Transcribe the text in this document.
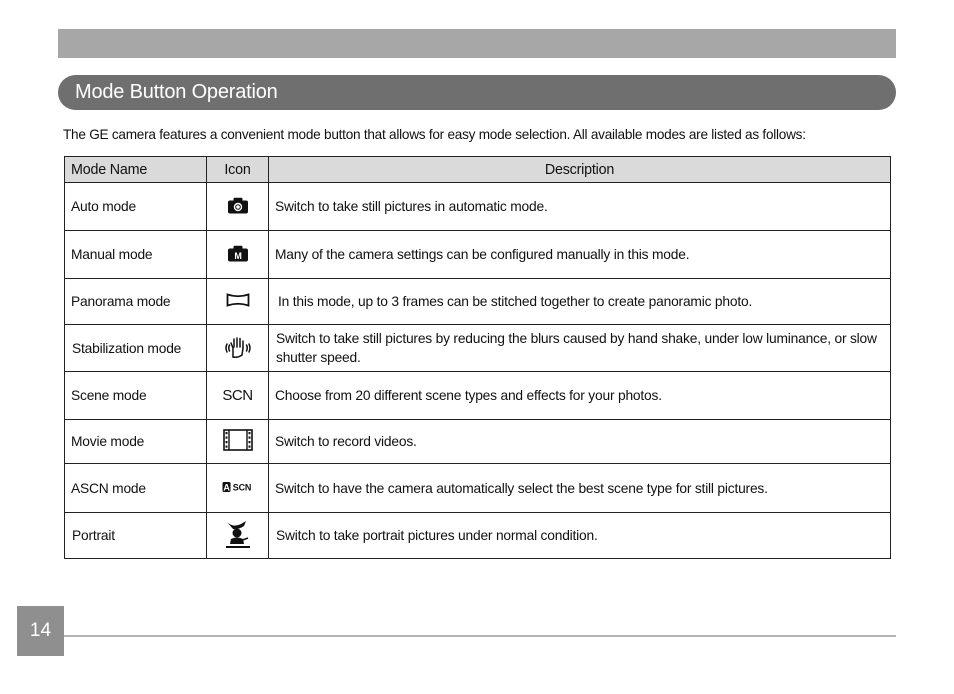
Mode Button Operation
The GE camera features a convenient mode button that allows for easy mode selection. All available modes are listed as follows:
Mode Name	Icon	Description
Auto mode		Switch to take still pictures in automatic mode.
Manual mode	M	Many of the camera settings can be configured manually in this mode.
Panorama mode		In this mode, up to 3 frames can be stitched together to create panoramic photo.
Stabilization mode		Switch to take still pictures by reducing the blurs caused by hand shake, under low luminance, or slow shutter speed.
Scene mode	SCN	Choose from 20 different scene types and effects for your photos.
Movie mode		Switch to record videos.
ASCN mode	A SCN	Switch to have the camera automatically select the best scene type for still pictures.
Portrait		Switch to take portrait pictures under normal condition.
14
